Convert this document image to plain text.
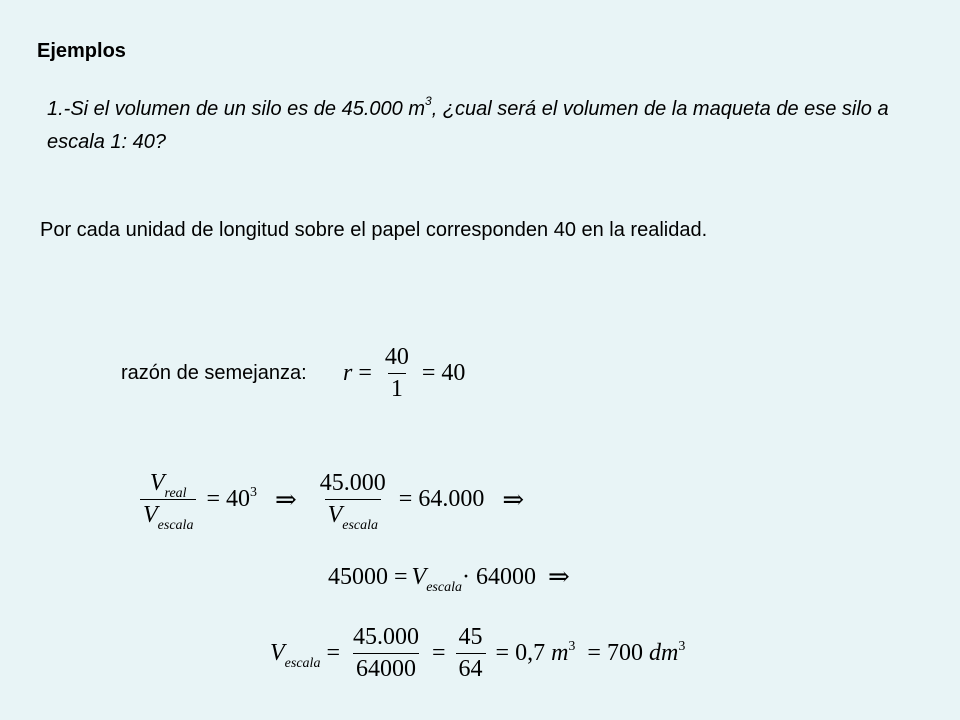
Ejemplos
1.-Si el volumen de un silo es de 45.000 $m^3$, ¿cual será el volumen de la maqueta de ese silo a escala 1: 40?
Por cada unidad de longitud sobre el papel corresponden 40 en la realidad.
razón de semejanza: $r = \frac{40}{1} = 40$
$\frac{V_{real}}{V_{escala}} = 40^3$ ⇒ $\frac{45.000}{V_{escala}} = 64.000$ ⇒
$45000 = V_{escala} \cdot 64000$ ⇒
$V_{escala} = \frac{45.000}{64000} = \frac{45}{64} = 0,7$ $m^3 = 700$ $dm^3$
